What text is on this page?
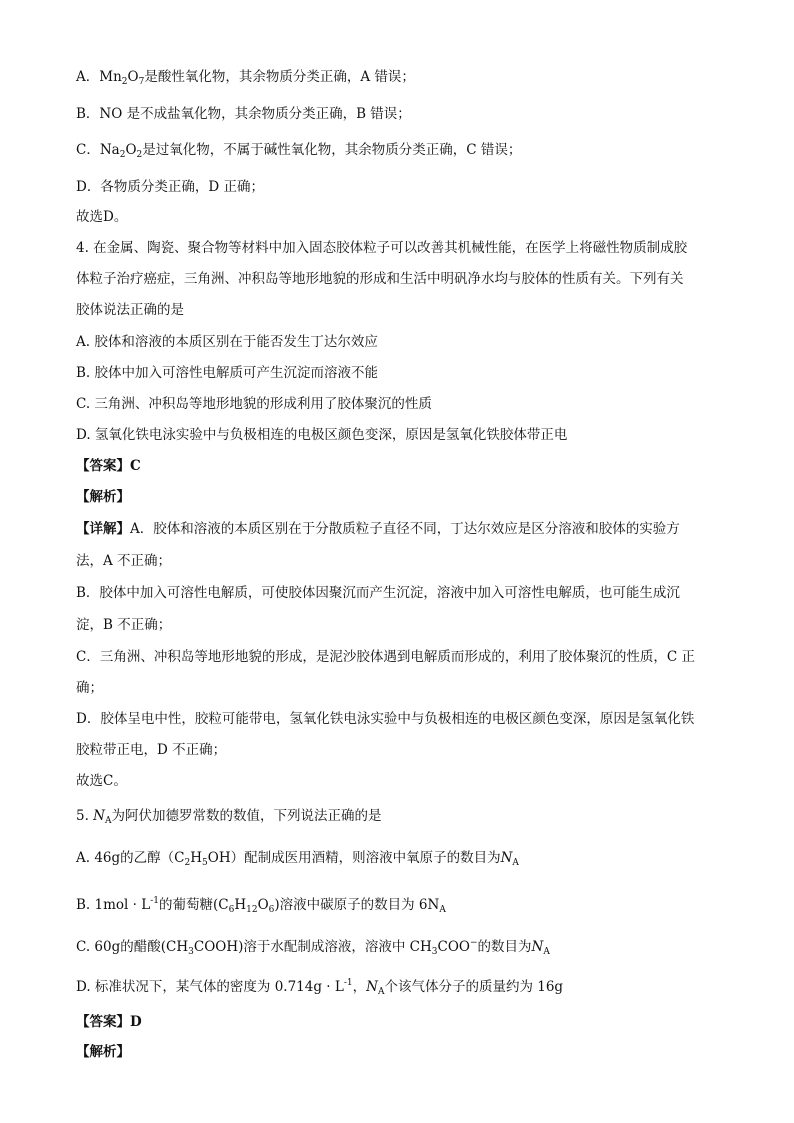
A．$Mn_2O_7$是酸性氧化物，其余物质分类正确，A 错误；
B．NO 是不成盐氧化物，其余物质分类正确，B 错误；
C．$Na_2O_2$是过氧化物，不属于碱性氧化物，其余物质分类正确，C 错误；
D．各物质分类正确，D 正确；
故选D。
4. 在金属、陶瓷、聚合物等材料中加入固态胶体粒子可以改善其机械性能，在医学上将磁性物质制成胶
体粒子治疗癌症，三角洲、冲积岛等地形地貌的形成和生活中明矾净水均与胶体的性质有关。下列有关
胶体说法正确的是
A. 胶体和溶液的本质区别在于能否发生丁达尔效应
B. 胶体中加入可溶性电解质可产生沉淀而溶液不能
C. 三角洲、冲积岛等地形地貌的形成利用了胶体聚沉的性质
D. 氢氧化铁电泳实验中与负极相连的电极区颜色变深，原因是氢氧化铁胶体带正电
【答案】C
【解析】
【详解】A．胶体和溶液的本质区别在于分散质粒子直径不同，丁达尔效应是区分溶液和胶体的实验方
法，A 不正确；
B．胶体中加入可溶性电解质，可使胶体因聚沉而产生沉淀，溶液中加入可溶性电解质，也可能生成沉
淀，B 不正确；
C．三角洲、冲积岛等地形地貌的形成，是泥沙胶体遇到电解质而形成的，利用了胶体聚沉的性质，C 正
确；
D．胶体呈电中性，胶粒可能带电，氢氧化铁电泳实验中与负极相连的电极区颜色变深，原因是氢氧化铁
胶粒带正电，D 不正确；
故选C。
5. $N_A$为阿伏加德罗常数的数值，下列说法正确的是
A. 46g的乙醇$(C_2H_5OH)$配制成医用酒精，则溶液中氧原子的数目为$N_A$
B. $1mol \cdot L^{-1}$的葡萄糖$(C_6H_{12}O_6)$溶液中碳原子的数目为 $6N_A$
C. 60g的醋酸$(CH_3COOH)$溶于水配制成溶液，溶液中 $CH_3COO^-$的数目为$N_A$
D. 标准状况下，某气体的密度为 $0.714g \cdot L^{-1}$，$N_A$个该气体分子的质量约为 16g
【答案】D
【解析】
